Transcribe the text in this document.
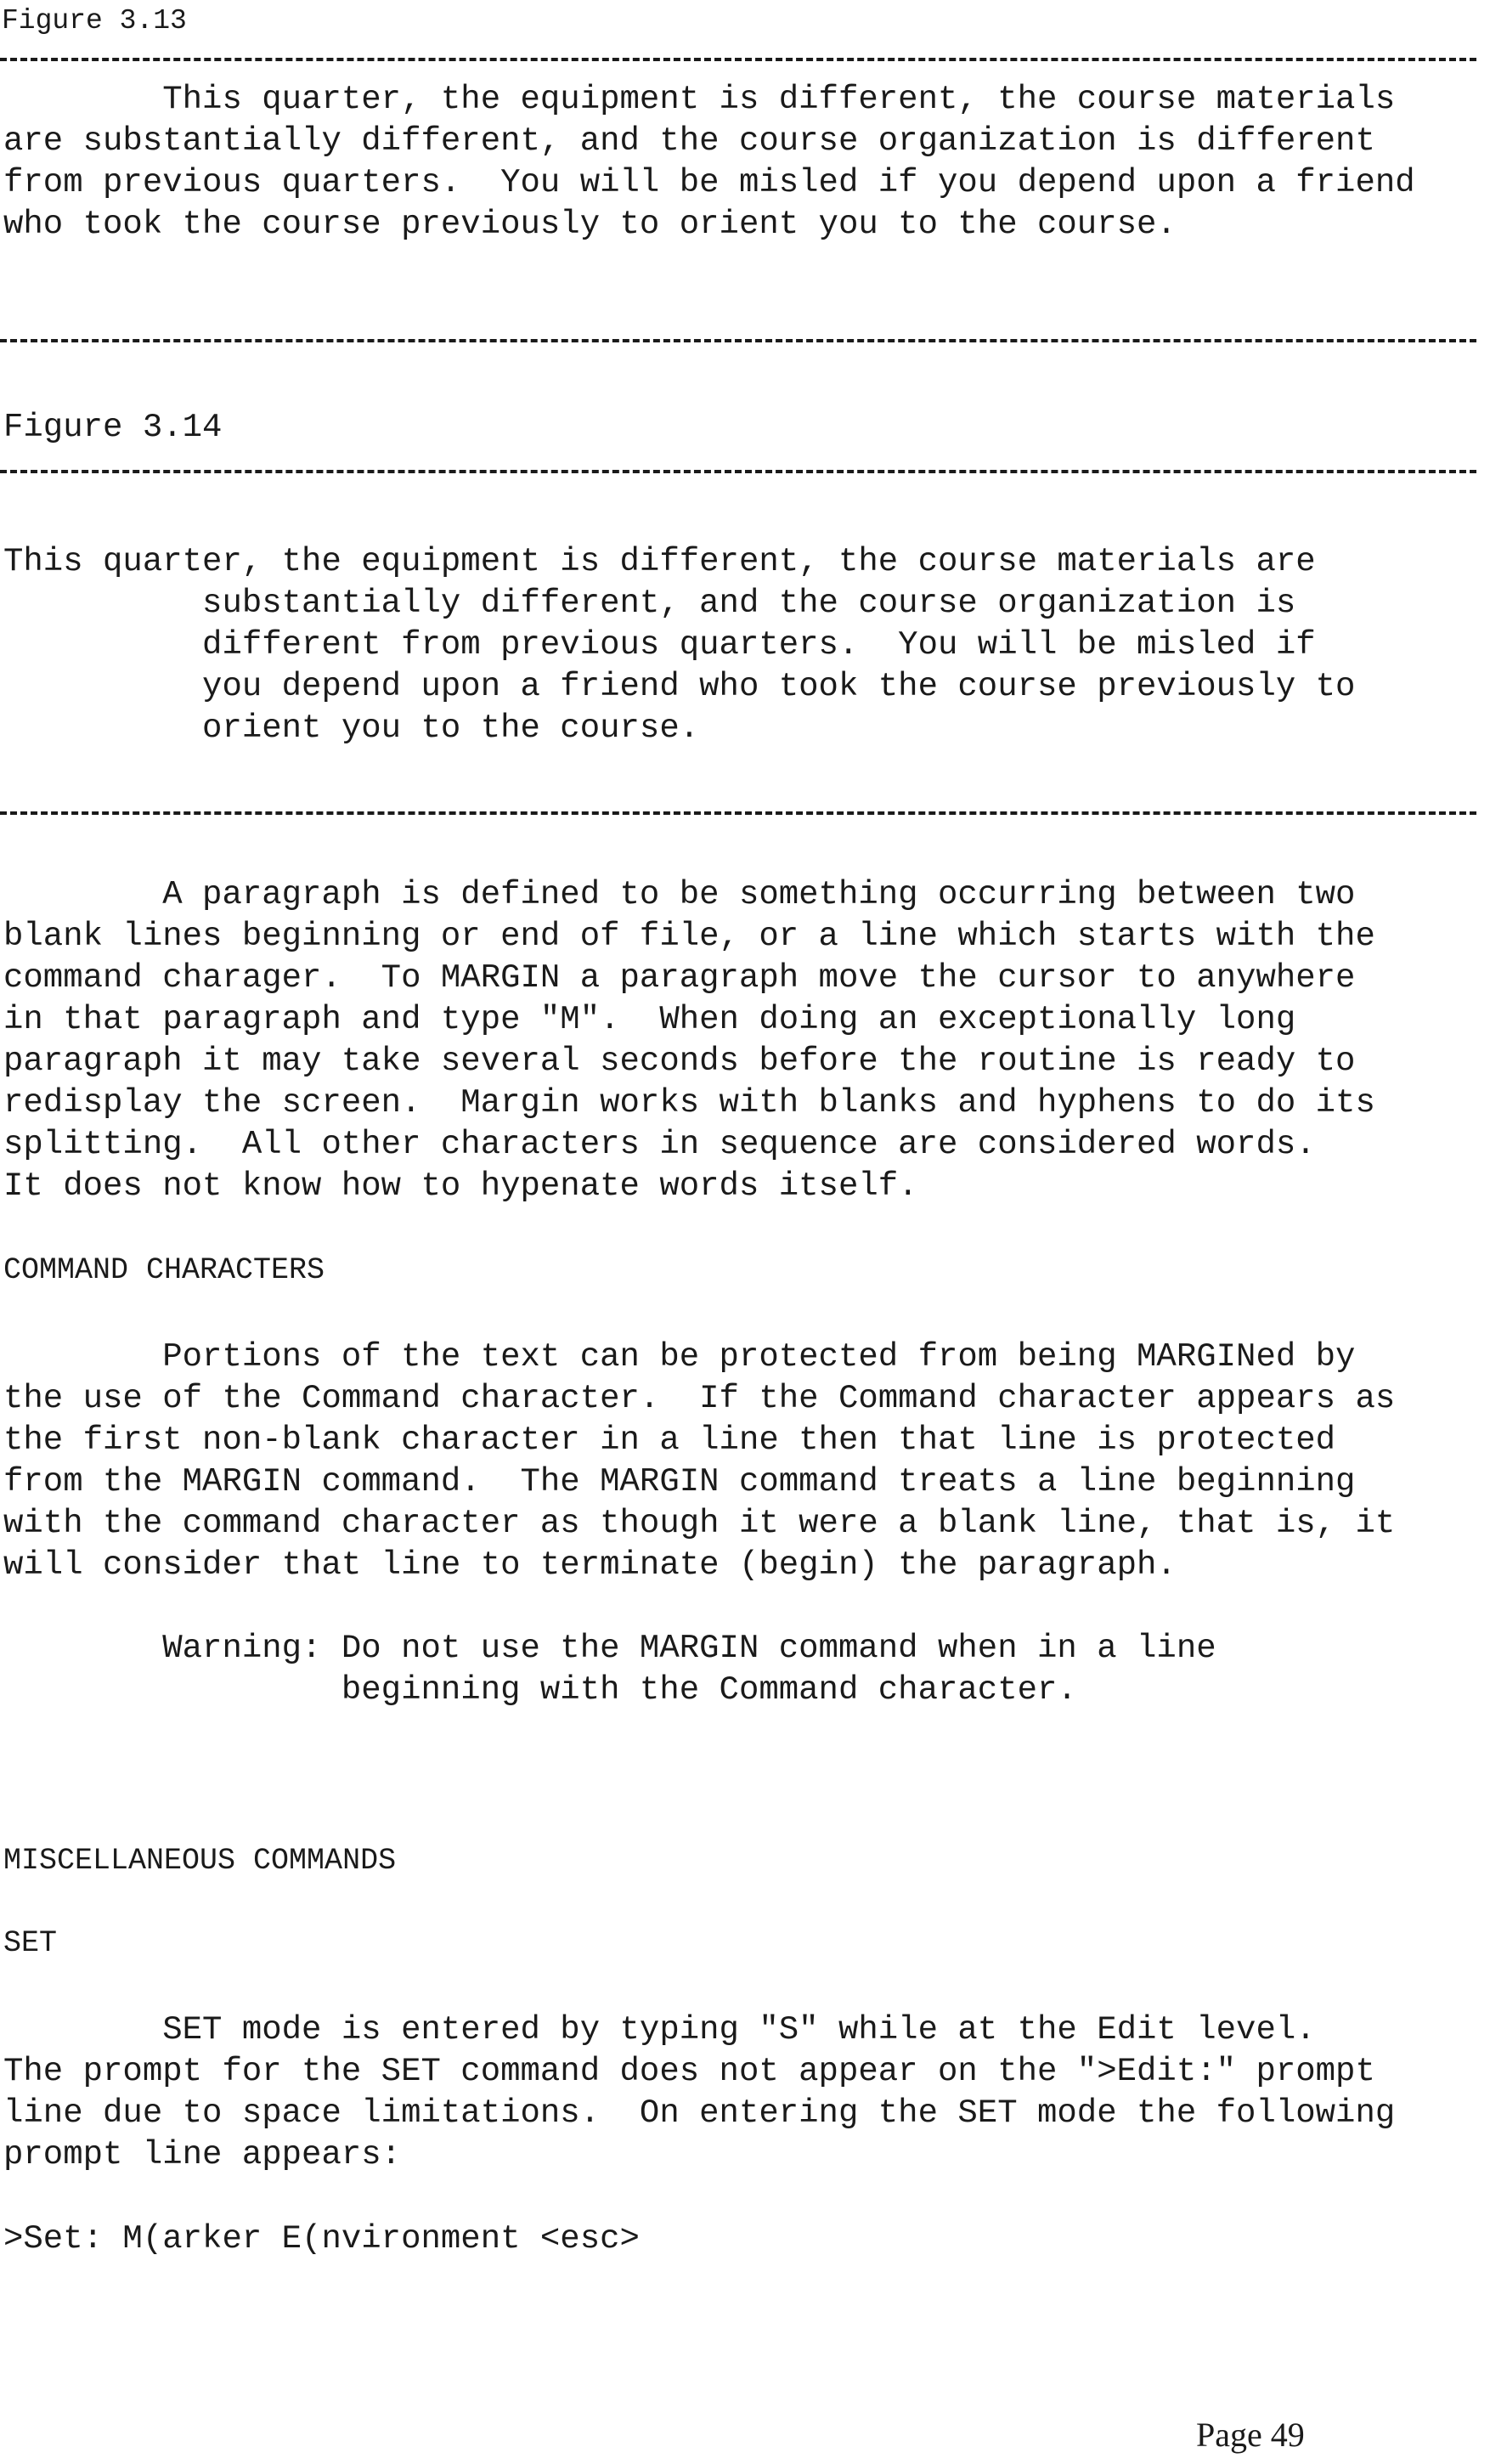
Figure 3.13
This quarter, the equipment is different, the course materials
are substantially different, and the course organization is different
from previous quarters.  You will be misled if you depend upon a friend
who took the course previously to orient you to the course.
Figure 3.14
This quarter, the equipment is different, the course materials are
substantially different, and the course organization is
different from previous quarters.  You will be misled if
you depend upon a friend who took the course previously to
orient you to the course.
A paragraph is defined to be something occurring between two
blank lines beginning or end of file, or a line which starts with the
command charager.  To MARGIN a paragraph move the cursor to anywhere
in that paragraph and type "M".  When doing an exceptionally long
paragraph it may take several seconds before the routine is ready to
redisplay the screen.  Margin works with blanks and hyphens to do its
splitting.  All other characters in sequence are considered words.
It does not know how to hypenate words itself.
COMMAND CHARACTERS
Portions of the text can be protected from being MARGINed by
the use of the Command character.  If the Command character appears as
the first non-blank character in a line then that line is protected
from the MARGIN command.  The MARGIN command treats a line beginning
with the command character as though it were a blank line, that is, it
will consider that line to terminate (begin) the paragraph.
Warning: Do not use the MARGIN command when in a line
beginning with the Command character.
MISCELLANEOUS COMMANDS
SET
SET mode is entered by typing "S" while at the Edit level.
The prompt for the SET command does not appear on the ">Edit:" prompt
line due to space limitations.  On entering the SET mode the following
prompt line appears:
>Set: M(arker E(nvironment <esc>
Page 49
